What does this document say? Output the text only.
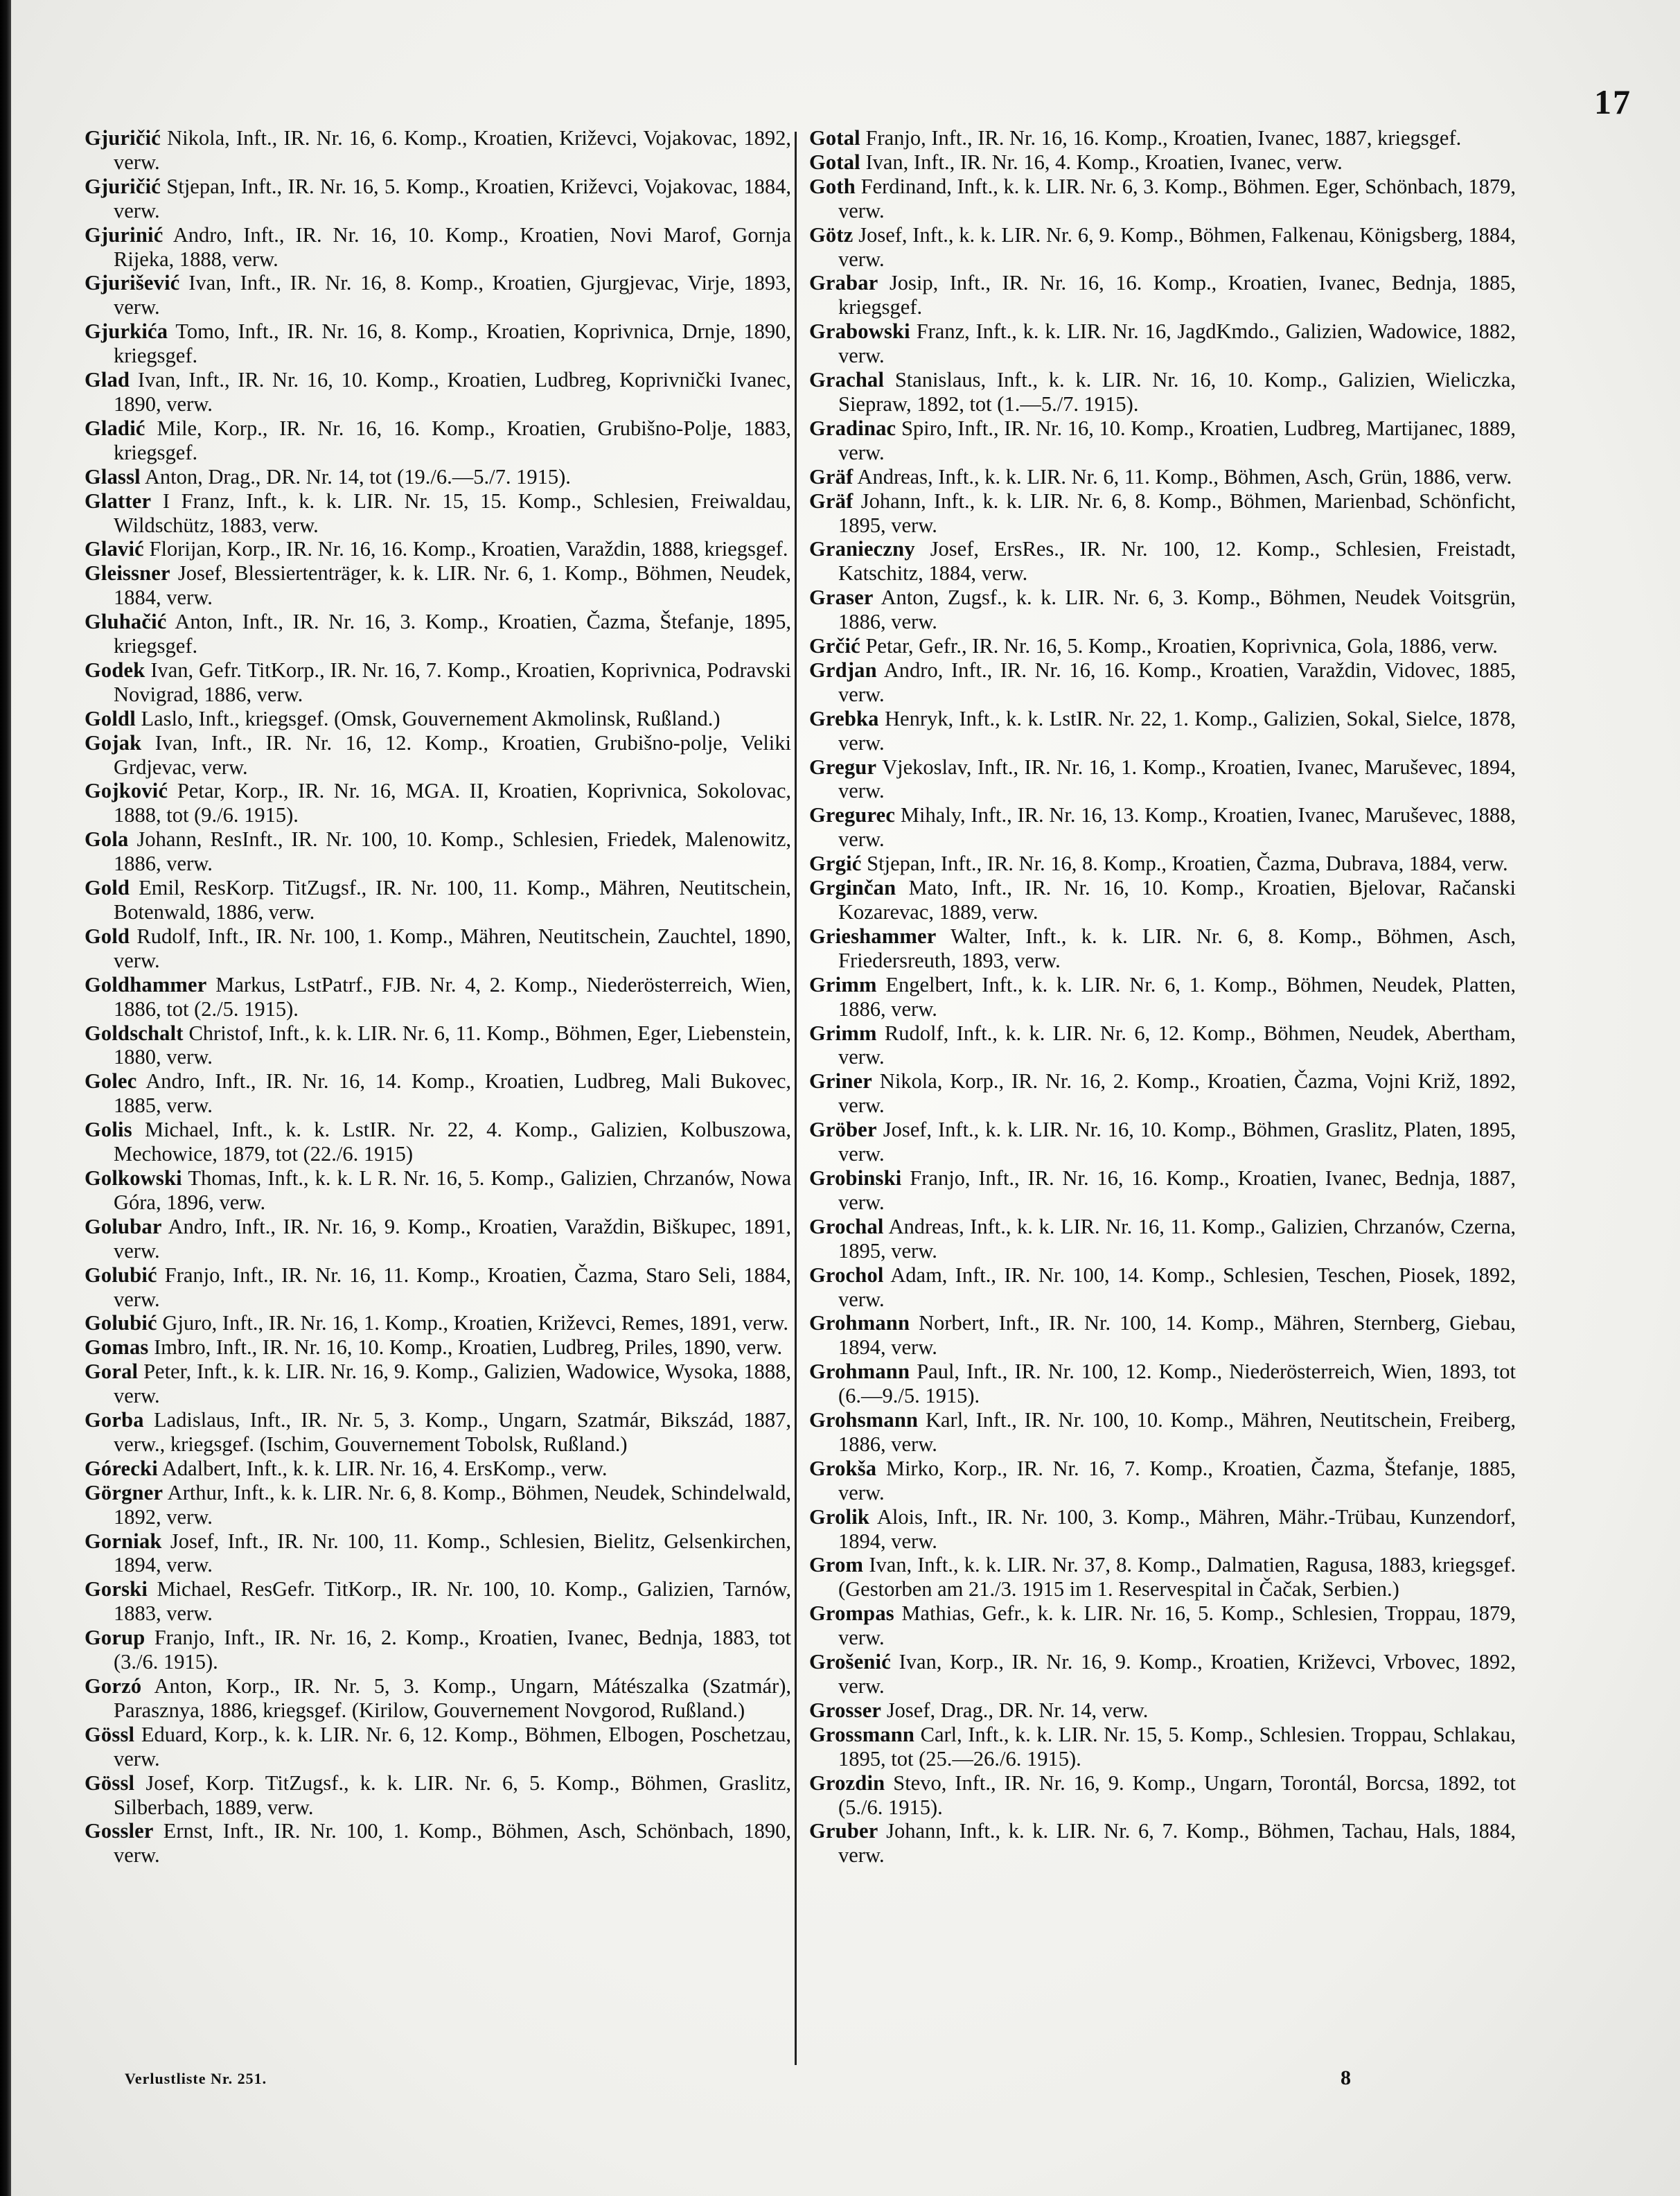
17

Gjuričić Nikola, Inft., IR. Nr. 16, 6. Komp., Kroatien, Križevci, Vojakovac, 1892, verw.

Gjuričić Stjepan, Inft., IR. Nr. 16, 5. Komp., Kroatien, Križevci, Vojakovac, 1884, verw.

Gjurinić Andro, Inft., IR. Nr. 16, 10. Komp., Kroatien, Novi Marof, Gornja Rijeka, 1888, verw.

Gjurišević Ivan, Inft., IR. Nr. 16, 8. Komp., Kroatien, Gjurgjevac, Virje, 1893, verw.

Gjurkića Tomo, Inft., IR. Nr. 16, 8. Komp., Kroatien, Koprivnica, Drnje, 1890, kriegsgef.

Glad Ivan, Inft., IR. Nr. 16, 10. Komp., Kroatien, Ludbreg, Koprivnički Ivanec, 1890, verw.

Gladić Mile, Korp., IR. Nr. 16, 16. Komp., Kroatien, Grubišno-Polje, 1883, kriegsgef.

Glassl Anton, Drag., DR. Nr. 14, tot (19./6.—5./7. 1915).

Glatter I Franz, Inft., k. k. LIR. Nr. 15, 15. Komp., Schlesien, Freiwaldau, Wildschütz, 1883, verw.

Glavić Florijan, Korp., IR. Nr. 16, 16. Komp., Kroatien, Varaždin, 1888, kriegsgef.

Gleissner Josef, Blessiertenträger, k. k. LIR. Nr. 6, 1. Komp., Böhmen, Neudek, 1884, verw.

Gluhačić Anton, Inft., IR. Nr. 16, 3. Komp., Kroatien, Čazma, Štefanje, 1895, kriegsgef.

Godek Ivan, Gefr. TitKorp., IR. Nr. 16, 7. Komp., Kroatien, Koprivnica, Podravski Novigrad, 1886, verw.

Goldl Laslo, Inft., kriegsgef. (Omsk, Gouvernement Akmolinsk, Rußland.)

Gojak Ivan, Inft., IR. Nr. 16, 12. Komp., Kroatien, Grubišno-polje, Veliki Grdjevac, verw.

Gojković Petar, Korp., IR. Nr. 16, MGA. II, Kroatien, Koprivnica, Sokolovac, 1888, tot (9./6. 1915).

Gola Johann, ResInft., IR. Nr. 100, 10. Komp., Schlesien, Friedek, Malenowitz, 1886, verw.

Gold Emil, ResKorp. TitZugsf., IR. Nr. 100, 11. Komp., Mähren, Neutitschein, Botenwald, 1886, verw.

Gold Rudolf, Inft., IR. Nr. 100, 1. Komp., Mähren, Neutitschein, Zauchtel, 1890, verw.

Goldhammer Markus, LstPatrf., FJB. Nr. 4, 2. Komp., Niederösterreich, Wien, 1886, tot (2./5. 1915).

Goldschalt Christof, Inft., k. k. LIR. Nr. 6, 11. Komp., Böhmen, Eger, Liebenstein, 1880, verw.

Golec Andro, Inft., IR. Nr. 16, 14. Komp., Kroatien, Ludbreg, Mali Bukovec, 1885, verw.

Golis Michael, Inft., k. k. LstIR. Nr. 22, 4. Komp., Galizien, Kolbuszowa, Mechowice, 1879, tot (22./6. 1915)

Golkowski Thomas, Inft., k. k. L R. Nr. 16, 5. Komp., Galizien, Chrzanów, Nowa Góra, 1896, verw.

Golubar Andro, Inft., IR. Nr. 16, 9. Komp., Kroatien, Varaždin, Biškupec, 1891, verw.

Golubić Franjo, Inft., IR. Nr. 16, 11. Komp., Kroatien, Čazma, Staro Seli, 1884, verw.

Golubić Gjuro, Inft., IR. Nr. 16, 1. Komp., Kroatien, Križevci, Remes, 1891, verw.

Gomas Imbro, Inft., IR. Nr. 16, 10. Komp., Kroatien, Ludbreg, Priles, 1890, verw.

Goral Peter, Inft., k. k. LIR. Nr. 16, 9. Komp., Galizien, Wadowice, Wysoka, 1888, verw.

Gorba Ladislaus, Inft., IR. Nr. 5, 3. Komp., Ungarn, Szatmár, Bikszád, 1887, verw., kriegsgef. (Ischim, Gouvernement Tobolsk, Rußland.)

Górecki Adalbert, Inft., k. k. LIR. Nr. 16, 4. ErsKomp., verw.

Görgner Arthur, Inft., k. k. LIR. Nr. 6, 8. Komp., Böhmen, Neudek, Schindelwald, 1892, verw.

Gorniak Josef, Inft., IR. Nr. 100, 11. Komp., Schlesien, Bielitz, Gelsenkirchen, 1894, verw.

Gorski Michael, ResGefr. TitKorp., IR. Nr. 100, 10. Komp., Galizien, Tarnów, 1883, verw.

Gorup Franjo, Inft., IR. Nr. 16, 2. Komp., Kroatien, Ivanec, Bednja, 1883, tot (3./6. 1915).

Gorzó Anton, Korp., IR. Nr. 5, 3. Komp., Ungarn, Mátészalka (Szatmár), Parasznya, 1886, kriegsgef. (Kirilow, Gouvernement Novgorod, Rußland.)

Gössl Eduard, Korp., k. k. LIR. Nr. 6, 12. Komp., Böhmen, Elbogen, Poschetzau, verw.

Gössl Josef, Korp. TitZugsf., k. k. LIR. Nr. 6, 5. Komp., Böhmen, Graslitz, Silberbach, 1889, verw.

Gossler Ernst, Inft., IR. Nr. 100, 1. Komp., Böhmen, Asch, Schönbach, 1890, verw.

Gotal Franjo, Inft., IR. Nr. 16, 16. Komp., Kroatien, Ivanec, 1887, kriegsgef.

Gotal Ivan, Inft., IR. Nr. 16, 4. Komp., Kroatien, Ivanec, verw.

Goth Ferdinand, Inft., k. k. LIR. Nr. 6, 3. Komp., Böhmen. Eger, Schönbach, 1879, verw.

Götz Josef, Inft., k. k. LIR. Nr. 6, 9. Komp., Böhmen, Falkenau, Königsberg, 1884, verw.

Grabar Josip, Inft., IR. Nr. 16, 16. Komp., Kroatien, Ivanec, Bednja, 1885, kriegsgef.

Grabowski Franz, Inft., k. k. LIR. Nr. 16, JagdKmdo., Galizien, Wadowice, 1882, verw.

Grachal Stanislaus, Inft., k. k. LIR. Nr. 16, 10. Komp., Galizien, Wieliczka, Sieprаw, 1892, tot (1.—5./7. 1915).

Gradinac Spiro, Inft., IR. Nr. 16, 10. Komp., Kroatien, Ludbreg, Martijanec, 1889, verw.

Gräf Andreas, Inft., k. k. LIR. Nr. 6, 11. Komp., Böhmen, Asch, Grün, 1886, verw.

Gräf Johann, Inft., k. k. LIR. Nr. 6, 8. Komp., Böhmen, Marienbad, Schönficht, 1895, verw.

Granieczny Josef, ErsRes., IR. Nr. 100, 12. Komp., Schlesien, Freistadt, Katschitz, 1884, verw.

Graser Anton, Zugsf., k. k. LIR. Nr. 6, 3. Komp., Böhmen, Neudek Voitsgrün, 1886, verw.

Grčić Petar, Gefr., IR. Nr. 16, 5. Komp., Kroatien, Koprivnica, Gola, 1886, verw.

Grdjan Andro, Inft., IR. Nr. 16, 16. Komp., Kroatien, Varaždin, Vidovec, 1885, verw.

Grebka Henryk, Inft., k. k. LstIR. Nr. 22, 1. Komp., Galizien, Sokal, Sielce, 1878, verw.

Gregur Vjekoslav, Inft., IR. Nr. 16, 1. Komp., Kroatien, Ivanec, Maruševec, 1894, verw.

Gregurec Mihaly, Inft., IR. Nr. 16, 13. Komp., Kroatien, Ivanec, Maruševec, 1888, verw.

Grgić Stjepan, Inft., IR. Nr. 16, 8. Komp., Kroatien, Čazma, Dubrava, 1884, verw.

Grginčan Mato, Inft., IR. Nr. 16, 10. Komp., Kroatien, Bjelovar, Račanski Kozarevac, 1889, verw.

Grieshammer Walter, Inft., k. k. LIR. Nr. 6, 8. Komp., Böhmen, Asch, Friedersreuth, 1893, verw.

Grimm Engelbert, Inft., k. k. LIR. Nr. 6, 1. Komp., Böhmen, Neudek, Platten, 1886, verw.

Grimm Rudolf, Inft., k. k. LIR. Nr. 6, 12. Komp., Böhmen, Neudek, Abertham, verw.

Griner Nikola, Korp., IR. Nr. 16, 2. Komp., Kroatien, Čazma, Vojni Križ, 1892, verw.

Gröber Josef, Inft., k. k. LIR. Nr. 16, 10. Komp., Böhmen, Graslitz, Platen, 1895, verw.

Grobinski Franjo, Inft., IR. Nr. 16, 16. Komp., Kroatien, Ivanec, Bednja, 1887, verw.

Grochal Andreas, Inft., k. k. LIR. Nr. 16, 11. Komp., Galizien, Chrzanów, Czerna, 1895, verw.

Grochol Adam, Inft., IR. Nr. 100, 14. Komp., Schlesien, Teschen, Piosek, 1892, verw.

Grohmann Norbert, Inft., IR. Nr. 100, 14. Komp., Mähren, Sternberg, Giebau, 1894, verw.

Grohmann Paul, Inft., IR. Nr. 100, 12. Komp., Niederösterreich, Wien, 1893, tot (6.—9./5. 1915).

Grohsmann Karl, Inft., IR. Nr. 100, 10. Komp., Mähren, Neutitschein, Freiberg, 1886, verw.

Grokša Mirko, Korp., IR. Nr. 16, 7. Komp., Kroatien, Čazma, Štefanje, 1885, verw.

Grolik Alois, Inft., IR. Nr. 100, 3. Komp., Mähren, Mähr.-Trübau, Kunzendorf, 1894, verw.

Grom Ivan, Inft., k. k. LIR. Nr. 37, 8. Komp., Dalmatien, Ragusa, 1883, kriegsgef. (Gestorben am 21./3. 1915 im 1. Reservespital in Čačak, Serbien.)

Grompas Mathias, Gefr., k. k. LIR. Nr. 16, 5. Komp., Schlesien, Troppau, 1879, verw.

Grošenić Ivan, Korp., IR. Nr. 16, 9. Komp., Kroatien, Križevci, Vrbovec, 1892, verw.

Grosser Josef, Drag., DR. Nr. 14, verw.

Grossmann Carl, Inft., k. k. LIR. Nr. 15, 5. Komp., Schlesien. Troppau, Schlakau, 1895, tot (25.—26./6. 1915).

Grozdin Stevo, Inft., IR. Nr. 16, 9. Komp., Ungarn, Torontál, Borcsa, 1892, tot (5./6. 1915).

Gruber Johann, Inft., k. k. LIR. Nr. 6, 7. Komp., Böhmen, Tachau, Hals, 1884, verw.

Verlustliste Nr. 251.	8
